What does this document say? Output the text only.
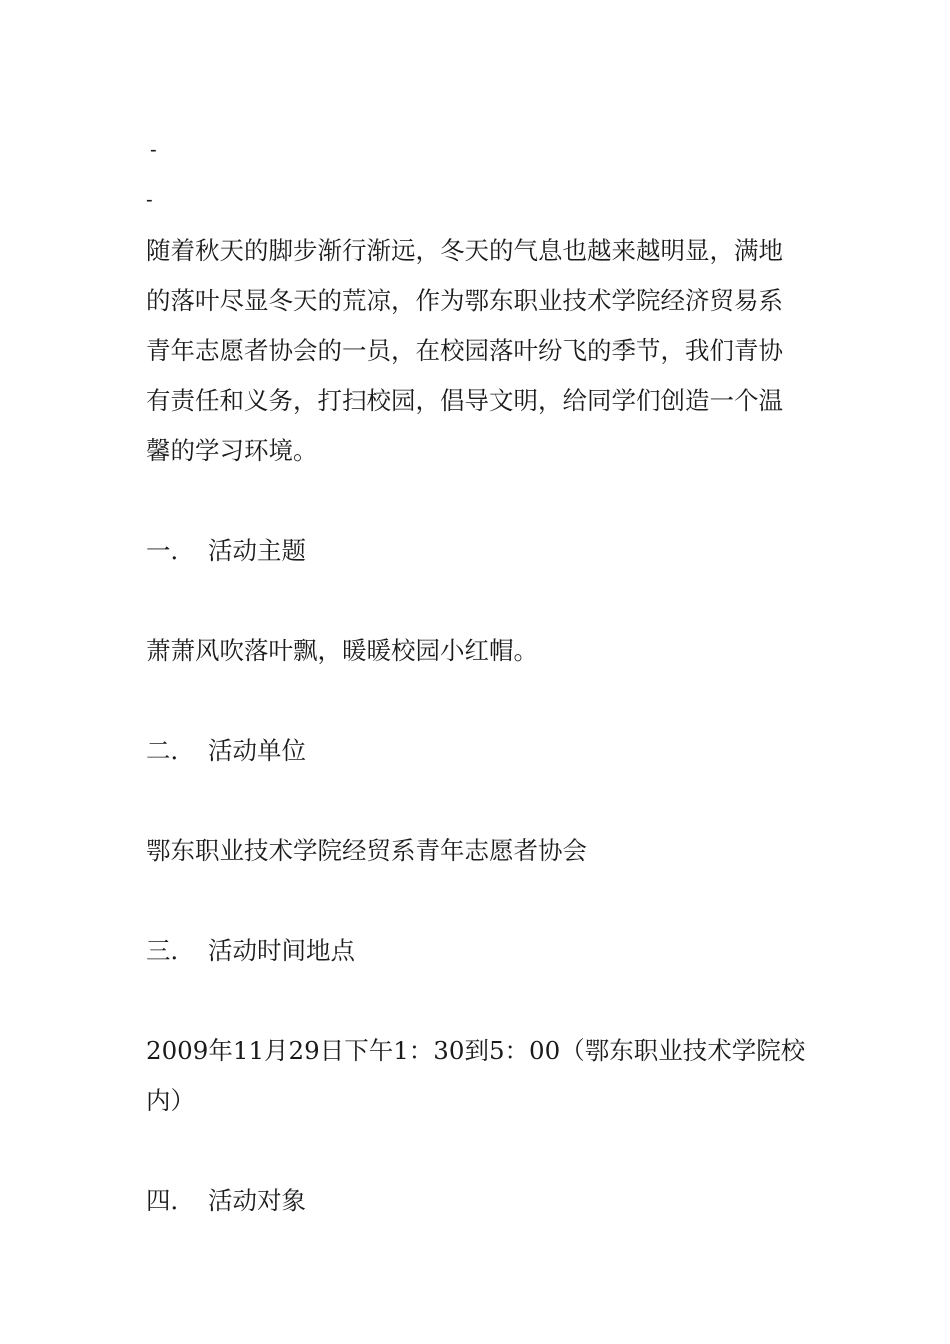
-
-

随着秋天的脚步渐行渐远，冬天的气息也越来越明显，满地的落叶尽显冬天的荒凉，作为鄂东职业技术学院经济贸易系青年志愿者协会的一员，在校园落叶纷飞的季节，我们青协有责任和义务，打扫校园，倡导文明，给同学们创造一个温馨的学习环境。

一． 活动主题

萧萧风吹落叶飘，暖暖校园小红帽。

二． 活动单位

鄂东职业技术学院经贸系青年志愿者协会

三． 活动时间地点

2009年11月29日下午1：30到5：00（鄂东职业技术学院校内）

四． 活动对象
